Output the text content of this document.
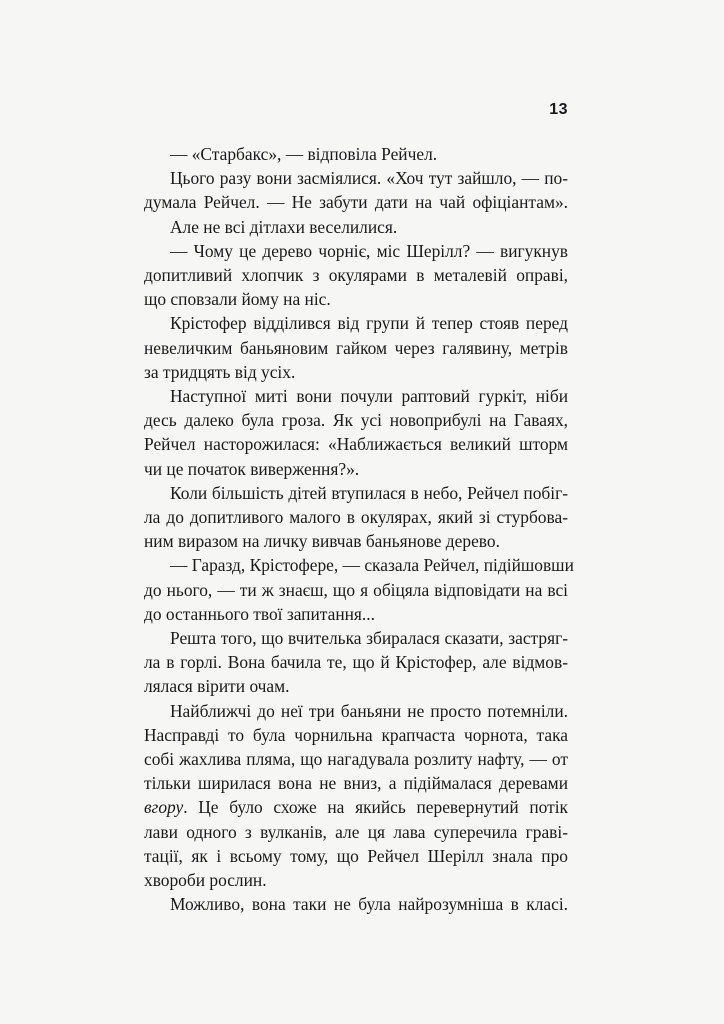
13
— «Старбакс», — відповіла Рейчел.
Цього разу вони засміялися. «Хоч тут зайшло, — по-
думала Рейчел. — Не забути дати на чай офіціантам».
Але не всі дітлахи веселилися.
— Чому це дерево чорніє, міс Шерілл? — вигукнув
допитливий хлопчик з окулярами в металевій оправі,
що сповзали йому на ніс.
Крістофер відділився від групи й тепер стояв перед
невеличким баньяновим гайком через галявину, метрів
за тридцять від усіх.
Наступної миті вони почули раптовий гуркіт, ніби
десь далеко була гроза. Як усі новоприбулі на Гаваях,
Рейчел насторожилася: «Наближається великий шторм
чи це початок виверження?».
Коли більшість дітей втупилася в небо, Рейчел побіг-
ла до допитливого малого в окулярах, який зі стурбова-
ним виразом на личку вивчав баньянове дерево.
— Гаразд, Крістофере, — сказала Рейчел, підійшовши
до нього, — ти ж знаєш, що я обіцяла відповідати на всі
до останнього твої запитання...
Решта того, що вчителька збиралася сказати, застряг-
ла в горлі. Вона бачила те, що й Крістофер, але відмов-
лялася вірити очам.
Найближчі до неї три баньяни не просто потемніли.
Насправді то була чорнильна крапчаста чорнота, така
собі жахлива пляма, що нагадувала розлиту нафту, — от
тільки ширилася вона не вниз, а підіймалася деревами
вгору. Це було схоже на якийсь перевернутий потік
лави одного з вулканів, але ця лава суперечила граві-
тації, як і всьому тому, що Рейчел Шерілл знала про
хвороби рослин.
Можливо, вона таки не була найрозумніша в класі.
